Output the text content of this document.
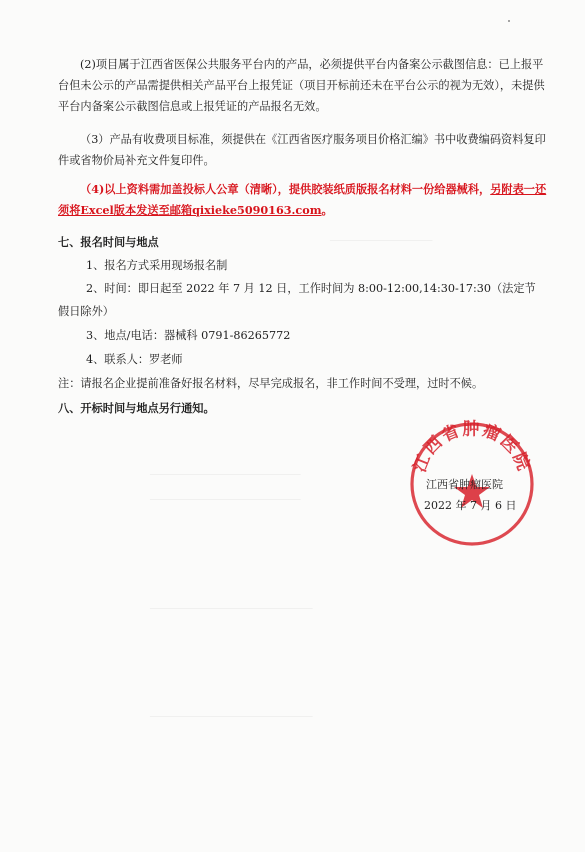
(2)项目属于江西省医保公共服务平台内的产品，必须提供平台内备案公示截图信息：已上报平台但未公示的产品需提供相关产品平台上报凭证（项目开标前还未在平台公示的视为无效），未提供平台内备案公示截图信息或上报凭证的产品报名无效。

（3）产品有收费项目标准，须提供在《江西省医疗服务项目价格汇编》书中收费编码资料复印件或省物价局补充文件复印件。

（4)以上资料需加盖投标人公章（清晰），提供胶装纸质版报名材料一份给器械科，另附表一还须将Excel版本发送至邮箱qixieke5090163.com。

七、报名时间与地点

1、报名方式采用现场报名制

2、时间：即日起至 2022 年 7 月 12 日，工作时间为 8:00-12:00,14:30-17:30（法定节

假日除外）

3、地点/电话：器械科 0791-86265772

4、联系人：罗老师

注：请报名企业提前准备好报名材料，尽早完成报名，非工作时间不受理，过时不候。

八、开标时间与地点另行通知。

─────────────────
─────────────────────────
─────────────────────────
───────────────────────────
───────────────────────────
江西省肿瘤医院
江西省肿瘤医院
2022 年 7 月 6 日
